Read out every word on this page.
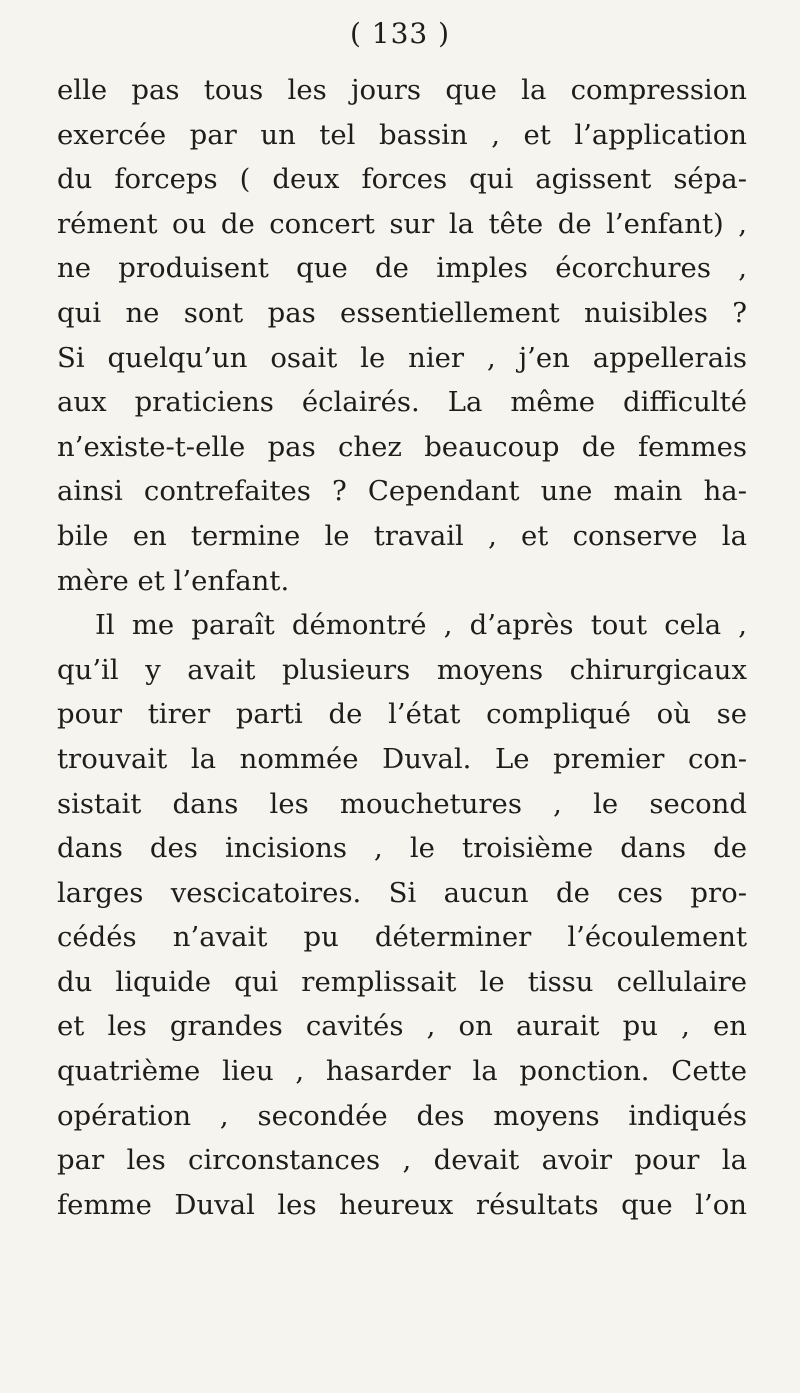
( 133 )
elle pas tous les jours que la compression
exercée par un tel bassin , et l’application
du forceps ( deux forces qui agissent sépa-
rément ou de concert sur la tête de l’enfant) ,
ne produisent que de imples écorchures ,
qui ne sont pas essentiellement nuisibles ?
Si quelqu’un osait le nier , j’en appellerais
aux praticiens éclairés. La même difficulté
n’existe-t-elle pas chez beaucoup de femmes
ainsi contrefaites ? Cependant une main ha-
bile en termine le travail , et conserve la
mère et l’enfant.
Il me paraît démontré , d’après tout cela ,
qu’il y avait plusieurs moyens chirurgicaux
pour tirer parti de l’état compliqué où se
trouvait la nommée Duval. Le premier con-
sistait dans les mouchetures , le second
dans des incisions , le troisième dans de
larges vescicatoires. Si aucun de ces pro-
cédés n’avait pu déterminer l’écoulement
du liquide qui remplissait le tissu cellulaire
et les grandes cavités , on aurait pu , en
quatrième lieu , hasarder la ponction. Cette
opération , secondée des moyens indiqués
par les circonstances , devait avoir pour la
femme Duval les heureux résultats que l’on
